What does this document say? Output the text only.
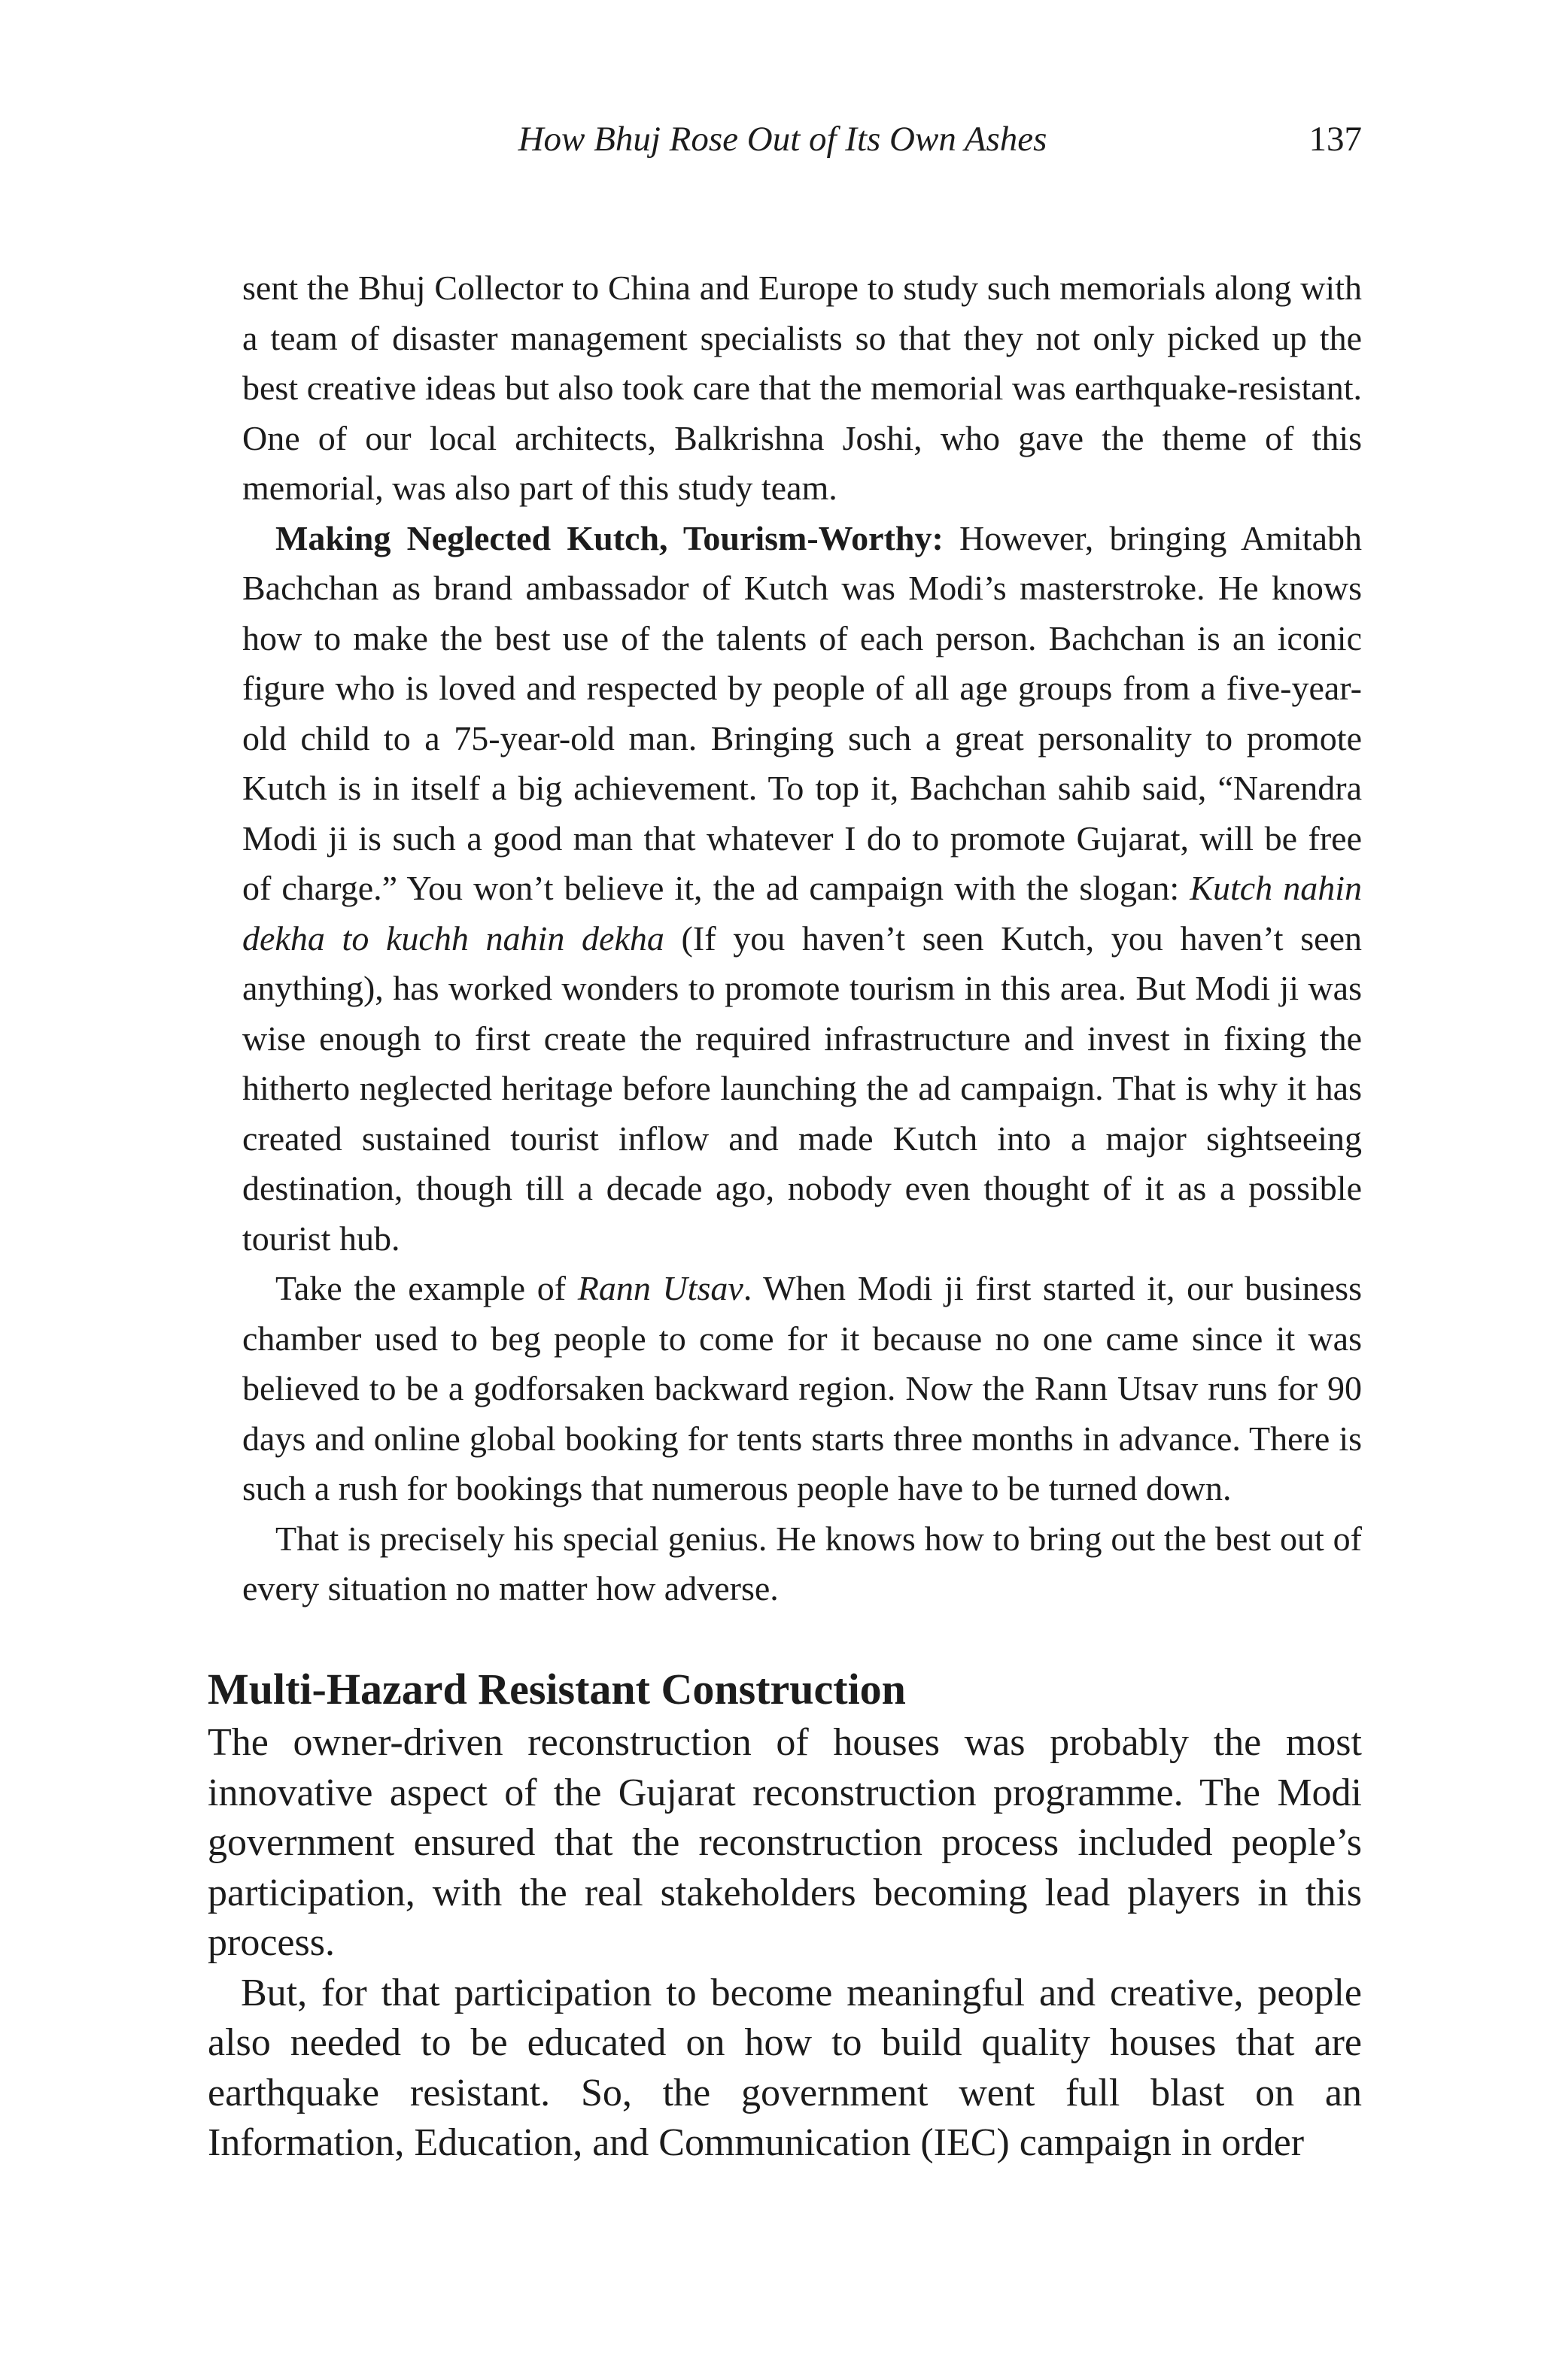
How Bhuj Rose Out of Its Own Ashes	137

sent the Bhuj Collector to China and Europe to study such memorials along with a team of disaster management specialists so that they not only picked up the best creative ideas but also took care that the memorial was earthquake-resistant. One of our local architects, Balkrishna Joshi, who gave the theme of this memorial, was also part of this study team.

Making Neglected Kutch, Tourism-Worthy: However, bringing Amitabh Bachchan as brand ambassador of Kutch was Modi’s masterstroke. He knows how to make the best use of the talents of each person. Bachchan is an iconic figure who is loved and respected by people of all age groups from a five-year-old child to a 75-year-old man. Bringing such a great personality to promote Kutch is in itself a big achievement. To top it, Bachchan sahib said, “Narendra Modi ji is such a good man that whatever I do to promote Gujarat, will be free of charge.” You won’t believe it, the ad campaign with the slogan: Kutch nahin dekha to kuchh nahin dekha (If you haven’t seen Kutch, you haven’t seen anything), has worked wonders to promote tourism in this area. But Modi ji was wise enough to first create the required infrastructure and invest in fixing the hitherto neglected heritage before launching the ad campaign. That is why it has created sustained tourist inflow and made Kutch into a major sightseeing destination, though till a decade ago, nobody even thought of it as a possible tourist hub.

Take the example of Rann Utsav. When Modi ji first started it, our business chamber used to beg people to come for it because no one came since it was believed to be a godforsaken backward region. Now the Rann Utsav runs for 90 days and online global booking for tents starts three months in advance. There is such a rush for bookings that numerous people have to be turned down.

That is precisely his special genius. He knows how to bring out the best out of every situation no matter how adverse.

Multi-Hazard Resistant Construction

The owner-driven reconstruction of houses was probably the most innovative aspect of the Gujarat reconstruction programme. The Modi government ensured that the reconstruction process included people’s participation, with the real stakeholders becoming lead players in this process.

But, for that participation to become meaningful and creative, people also needed to be educated on how to build quality houses that are earthquake resistant. So, the government went full blast on an Information, Education, and Communication (IEC) campaign in order
